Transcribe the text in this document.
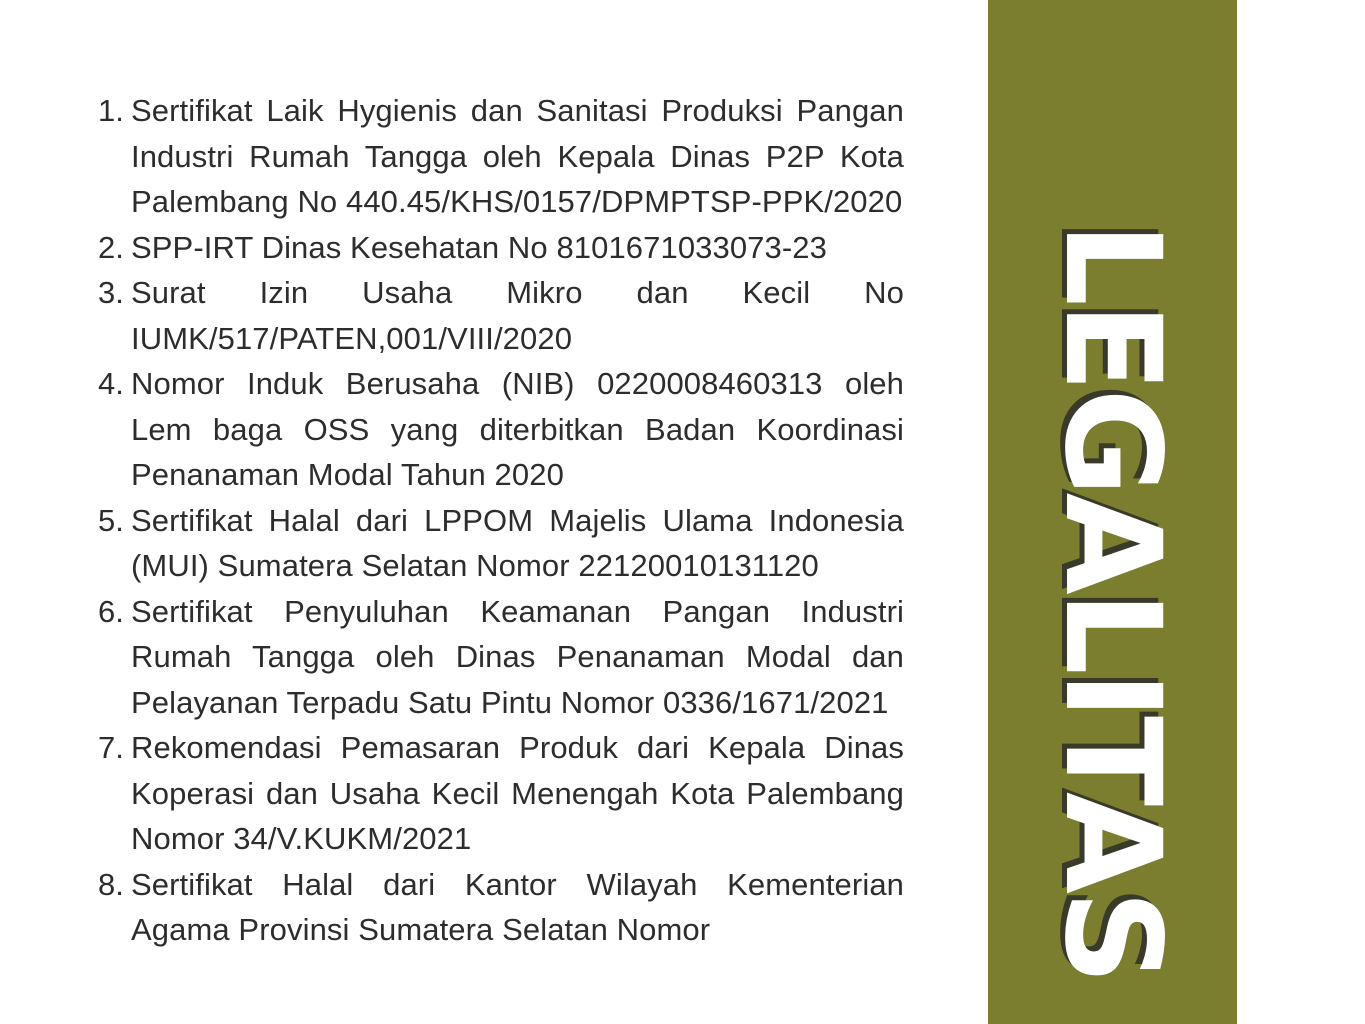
1. Sertifikat Laik Hygienis dan Sanitasi Produksi Pangan Industri Rumah Tangga oleh Kepala Dinas P2P Kota Palembang No 440.45/KHS/0157/DPMPTSP-PPK/2020
2. SPP-IRT Dinas Kesehatan No 8101671033073-23
3. Surat Izin Usaha Mikro dan Kecil No IUMK/517/PATEN,001/VIII/2020
4. Nomor Induk Berusaha (NIB) 0220008460313 oleh Lem baga OSS yang diterbitkan Badan Koordinasi Penanaman Modal Tahun 2020
5. Sertifikat Halal dari LPPOM Majelis Ulama Indonesia (MUI) Sumatera Selatan Nomor 22120010131120
6. Sertifikat Penyuluhan Keamanan Pangan Industri Rumah Tangga oleh Dinas Penanaman Modal dan Pelayanan Terpadu Satu Pintu Nomor 0336/1671/2021
7. Rekomendasi Pemasaran Produk dari Kepala Dinas Koperasi dan Usaha Kecil Menengah Kota Palembang Nomor 34/V.KUKM/2021
8. Sertifikat Halal dari Kantor Wilayah Kementerian Agama Provinsi Sumatera Selatan Nomor	LEGALITAS
